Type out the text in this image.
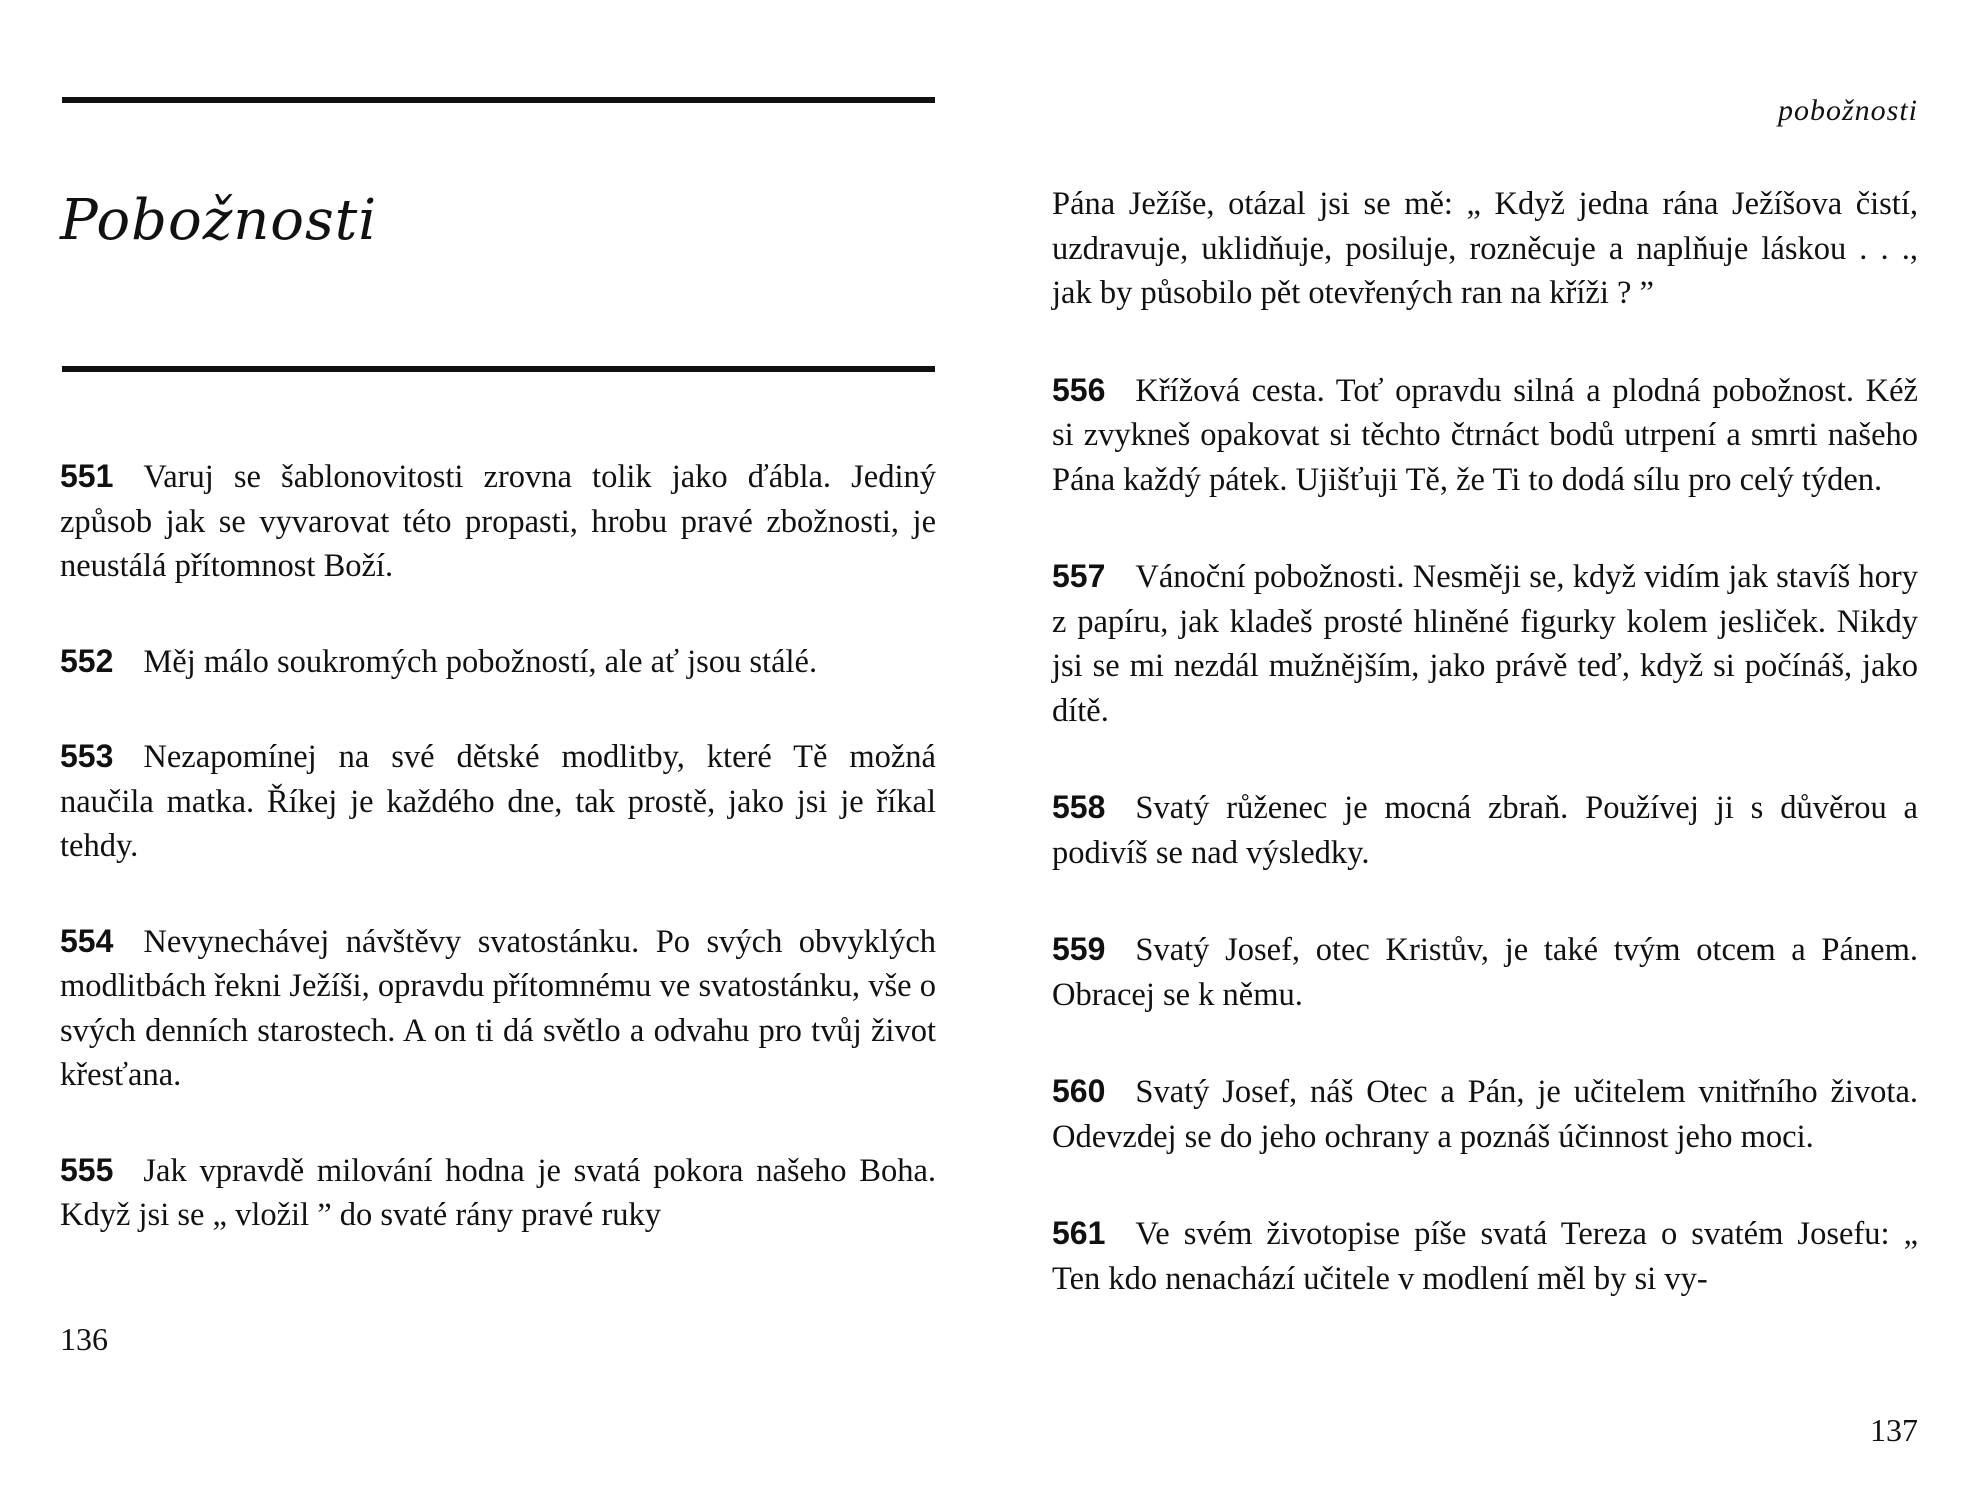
Pobožnosti

551 Varuj se šablonovitosti zrovna tolik jako ďábla. Jediný způsob jak se vyvarovat této propasti, hrobu pravé zbožnosti, je neustálá přítomnost Boží.

552 Měj málo soukromých pobožností, ale ať jsou stálé.

553 Nezapomínej na své dětské modlitby, které Tě možná naučila matka. Říkej je každého dne, tak prostě, jako jsi je říkal tehdy.

554 Nevynechávej návštěvy svatostánku. Po svých obvyklých modlitbách řekni Ježíši, opravdu přítomnému ve svatostánku, vše o svých denních starostech. A on ti dá světlo a odvahu pro tvůj život křesťana.

555 Jak vpravdě milování hodna je svatá pokora našeho Boha. Když jsi se „ vložil ” do svaté rány pravé ruky

136
pobožnosti

Pána Ježíše, otázal jsi se mě: „ Když jedna rána Ježíšova čistí, uzdravuje, uklidňuje, posiluje, rozněcuje a naplňuje láskou . . ., jak by působilo pět otevřených ran na kříži ? ”

556 Křížová cesta. Toť opravdu silná a plodná pobožnost. Kéž si zvykneš opakovat si těchto čtrnáct bodů utrpení a smrti našeho Pána každý pátek. Ujišťuji Tě, že Ti to dodá sílu pro celý týden.

557 Vánoční pobožnosti. Nesměji se, když vidím jak stavíš hory z papíru, jak kladeš prosté hliněné figurky kolem jesliček. Nikdy jsi se mi nezdál mužnějším, jako právě teď, když si počínáš, jako dítě.

558 Svatý růženec je mocná zbraň. Používej ji s důvěrou a podivíš se nad výsledky.

559 Svatý Josef, otec Kristův, je také tvým otcem a Pánem. Obracej se k němu.

560 Svatý Josef, náš Otec a Pán, je učitelem vnitřního života. Odevzdej se do jeho ochrany a poznáš účinnost jeho moci.

561 Ve svém životopise píše svatá Tereza o svatém Josefu: „ Ten kdo nenachází učitele v modlení měl by si vy-

137
